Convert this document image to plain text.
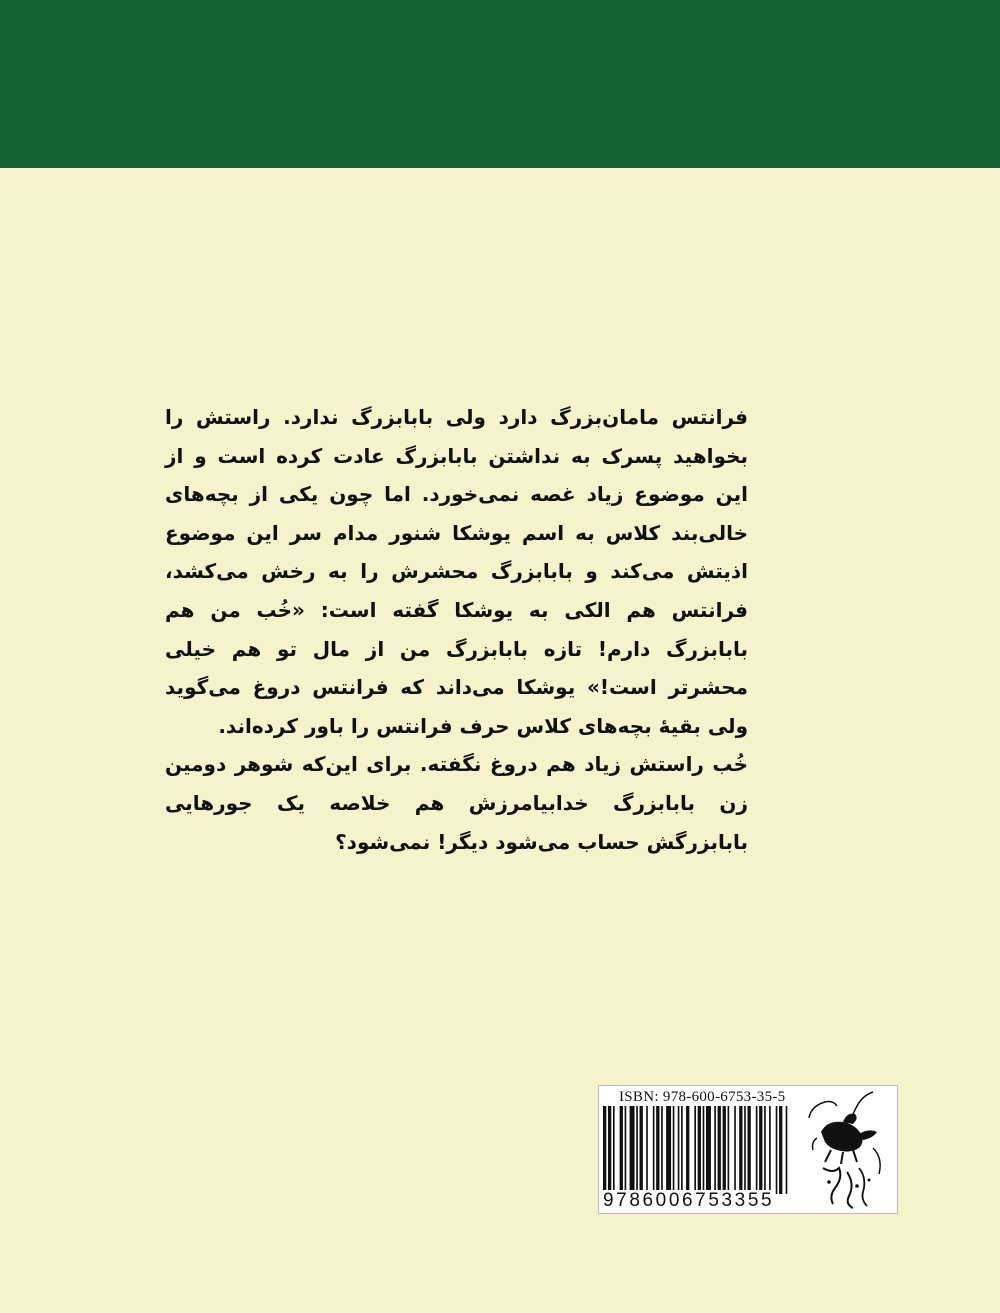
فرانتس مامان‌بزرگ دارد ولی بابابزرگ ندارد. راستش را بخواهید پسرک به نداشتن بابابزرگ عادت کرده است و از این موضوع زیاد غصه نمی‌خورد. اما چون یکی از بچه‌های خالی‌بند کلاس به اسم یوشکا شنور مدام سر این موضوع اذیتش می‌کند و بابابزرگ محشرش را به رخش می‌کشد، فرانتس هم الکی به یوشکا گفته است: «خُب من هم بابابزرگ دارم! تازه بابابزرگ من از مال تو هم خیلی محشرتر است!» یوشکا می‌داند که فرانتس دروغ می‌گوید ولی بقیهٔ بچه‌های کلاس حرف فرانتس را باور کرده‌اند.

خُب راستش زیاد هم دروغ نگفته. برای این‌که شوهر دومین زن بابابزرگ خدابیامرزش هم خلاصه یک جورهایی بابابزرگش حساب می‌شود دیگر! نمی‌شود؟

ISBN: 978-600-6753-35-5
9786006753355
